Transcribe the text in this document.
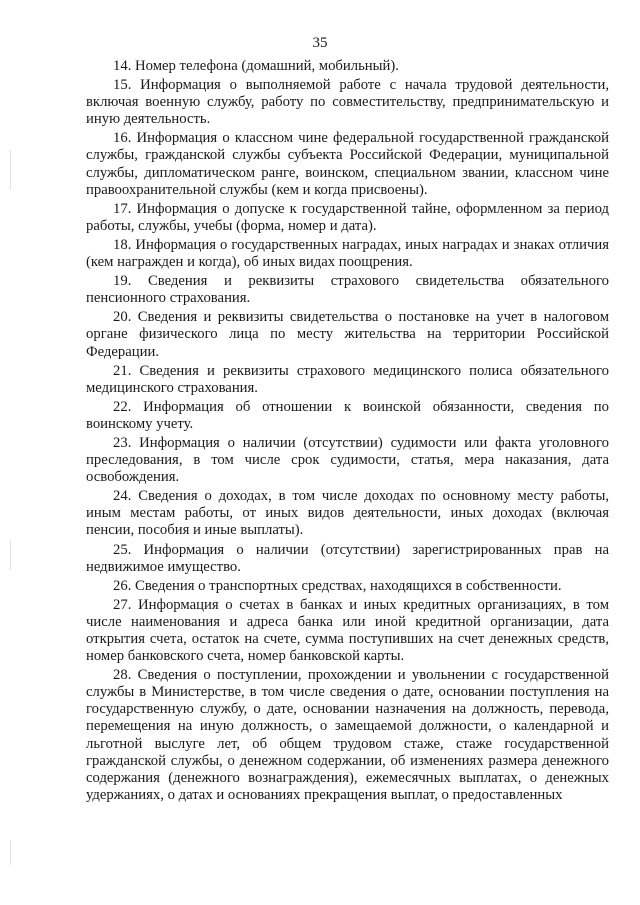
35

14. Номер телефона (домашний, мобильный).

15. Информация о выполняемой работе с начала трудовой деятельности, включая военную службу, работу по совместительству, предпринимательскую и иную деятельность.

16. Информация о классном чине федеральной государственной гражданской службы, гражданской службы субъекта Российской Федерации, муниципальной службы, дипломатическом ранге, воинском, специальном звании, классном чине правоохранительной службы (кем и когда присвоены).

17. Информация о допуске к государственной тайне, оформленном за период работы, службы, учебы (форма, номер и дата).

18. Информация о государственных наградах, иных наградах и знаках отличия (кем награжден и когда), об иных видах поощрения.

19. Сведения и реквизиты страхового свидетельства обязательного пенсионного страхования.

20. Сведения и реквизиты свидетельства о постановке на учет в налоговом органе физического лица по месту жительства на территории Российской Федерации.

21. Сведения и реквизиты страхового медицинского полиса обязательного медицинского страхования.

22. Информация об отношении к воинской обязанности, сведения по воинскому учету.

23. Информация о наличии (отсутствии) судимости или факта уголовного преследования, в том числе срок судимости, статья, мера наказания, дата освобождения.

24. Сведения о доходах, в том числе доходах по основному месту работы, иным местам работы, от иных видов деятельности, иных доходах (включая пенсии, пособия и иные выплаты).

25. Информация о наличии (отсутствии) зарегистрированных прав на недвижимое имущество.

26. Сведения о транспортных средствах, находящихся в собственности.

27. Информация о счетах в банках и иных кредитных организациях, в том числе наименования и адреса банка или иной кредитной организации, дата открытия счета, остаток на счете, сумма поступивших на счет денежных средств, номер банковского счета, номер банковской карты.

28. Сведения о поступлении, прохождении и увольнении с государственной службы в Министерстве, в том числе сведения о дате, основании поступления на государственную службу, о дате, основании назначения на должность, перевода, перемещения на иную должность, о замещаемой должности, о календарной и льготной выслуге лет, об общем трудовом стаже, стаже государственной гражданской службы, о денежном содержании, об изменениях размера денежного содержания (денежного вознаграждения), ежемесячных выплатах, о денежных удержаниях, о датах и основаниях прекращения выплат, о предоставленных
